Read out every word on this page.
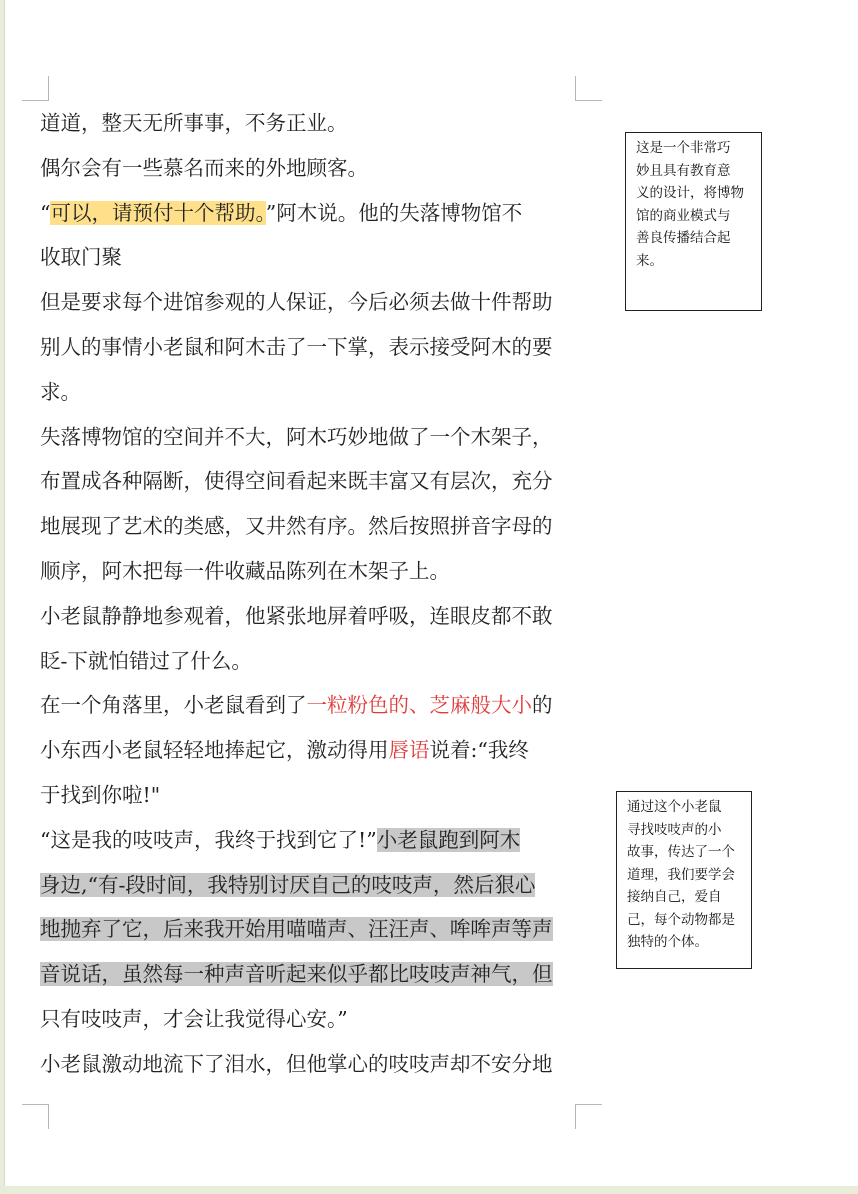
道道，整天无所事事，不务正业。

偶尔会有一些慕名而来的外地顾客。

“可以，请预付十个帮助。”阿木说。他的失落博物馆不

收取门聚

但是要求每个进馆参观的人保证，今后必须去做十件帮助

别人的事情小老鼠和阿木击了一下掌，表示接受阿木的要

求。

失落博物馆的空间并不大，阿木巧妙地做了一个木架子，

布置成各种隔断，使得空间看起来既丰富又有层次，充分

地展现了艺术的类感，又井然有序。然后按照拼音字母的

顺序，阿木把每一件收藏品陈列在木架子上。

小老鼠静静地参观着，他紧张地屏着呼吸，连眼皮都不敢

眨-下就怕错过了什么。

在一个角落里，小老鼠看到了一粒粉色的、芝麻般大小的

小东西小老鼠轻轻地捧起它，激动得用唇语说着:“我终

于找到你啦!"

“这是我的吱吱声，我终于找到它了!”小老鼠跑到阿木

身边,“有-段时间，我特别讨厌自己的吱吱声，然后狠心

地抛弃了它，后来我开始用喵喵声、汪汪声、哞哞声等声

音说话，虽然每一种声音听起来似乎都比吱吱声神气，但

只有吱吱声，才会让我觉得心安。”

小老鼠激动地流下了泪水，但他掌心的吱吱声却不安分地

这是一个非常巧

妙且具有教育意

义的设计，将博物

馆的商业模式与

善良传播结合起

来。

通过这个小老鼠

寻找吱吱声的小

故事，传达了一个

道理，我们要学会

接纳自己，爱自

己，每个动物都是

独特的个体。
